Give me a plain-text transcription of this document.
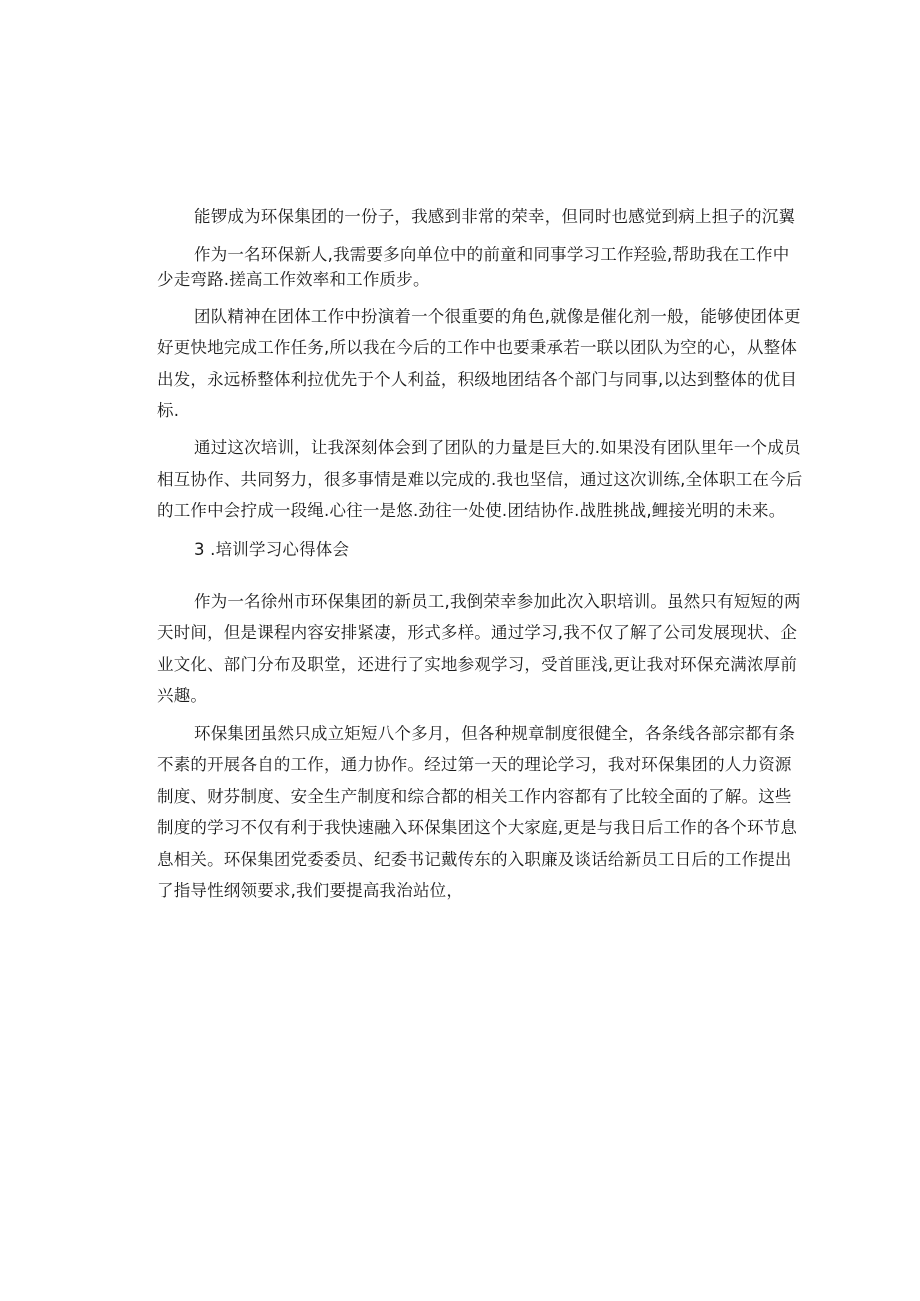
能锣成为环保集团的一份子，我感到非常的荣幸，但同时也感觉到病上担子的沉翼
作为一名环保新人,我需要多向单位中的前童和同事学习工作羟验,帮助我在工作中
少走弯路.搓高工作效率和工作质步。
团队精神在团体工作中扮演着一个很重要的角色,就像是催化剂一般，能够使团体更
好更快地完成工作任务,所以我在今后的工作中也要秉承若一联以团队为空的心，从整体
出发，永远桥整体利拉优先于个人利益，积级地团结各个部门与同事,以达到整体的优目
标.
通过这次培训，让我深刻体会到了团队的力量是巨大的.如果没有团队里年一个成员
相互协作、共同努力，很多事情是难以完成的.我也坚信，通过这次训练,全体职工在今后
的工作中会拧成一段绳.心往一是悠.劲往一处使.团结协作.战胜挑战,鲤接光明的未来。
3 .培训学习心得体会
作为一名徐州市环保集团的新员工,我倒荣幸参加此次入职培训。虽然只有短短的两
天时间，但是课程内容安排紧凄，形式多样。通过学习,我不仅了解了公司发展现状、企
业文化、部门分布及职堂，还进行了实地参观学习，受首匪浅,更让我对环保充满浓厚前
兴趣。
环保集团虽然只成立矩短八个多月，但各种规章制度很健全，各条线各部宗都有条
不素的开展各自的工作，通力协作。经过第一天的理论学习，我对环保集团的人力资源
制度、财芬制度、安全生产制度和综合都的相关工作内容都有了比较全面的了解。这些
制度的学习不仅有利于我快速融入环保集团这个大家庭,更是与我日后工作的各个环节息
息相关。环保集团党委委员、纪委书记戴传东的入职廉及谈话给新员工日后的工作提出
了指导性纲领要求,我们要提高我治站位，
